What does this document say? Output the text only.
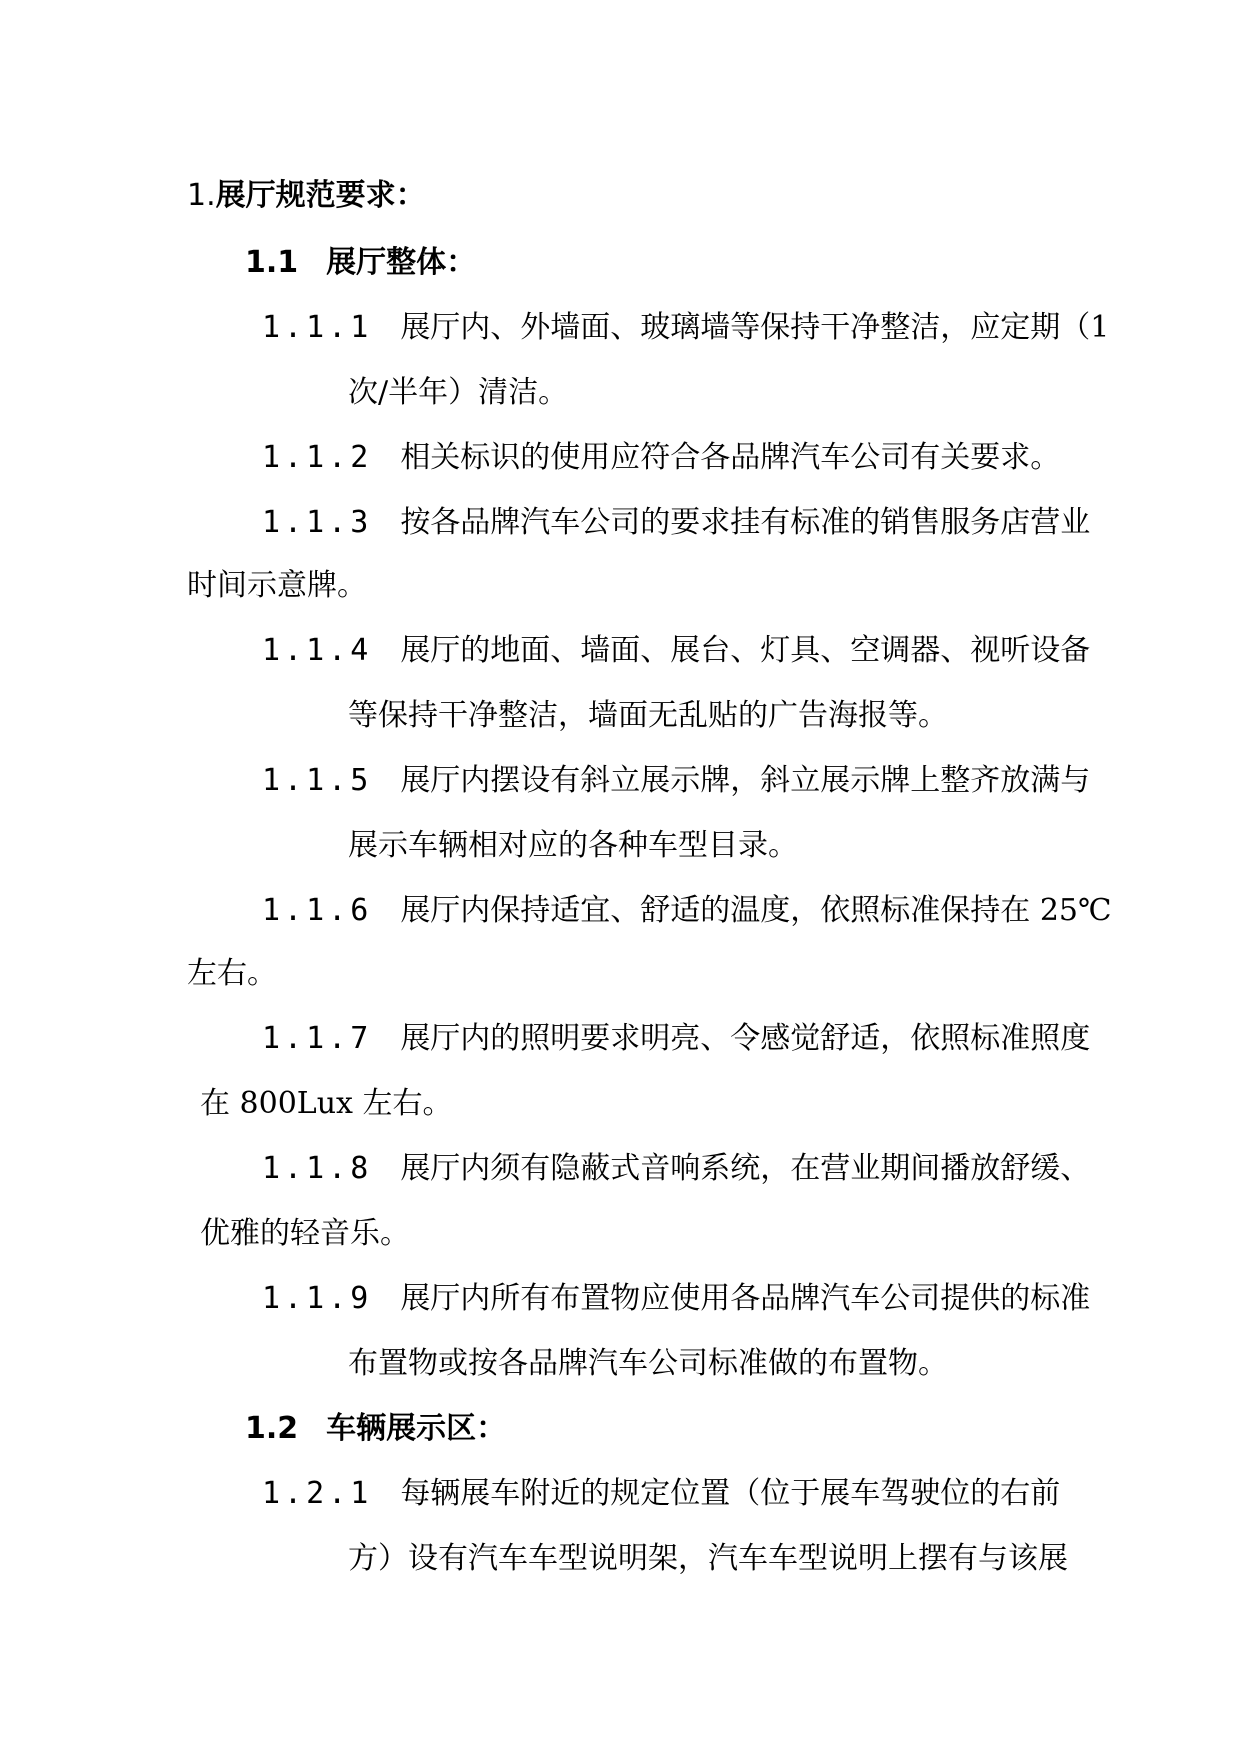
1.展厅规范要求：
1.1 展厅整体：
1.1.1 展厅内、外墙面、玻璃墙等保持干净整洁，应定期（1
次/半年）清洁。
1.1.2 相关标识的使用应符合各品牌汽车公司有关要求。
1.1.3 按各品牌汽车公司的要求挂有标准的销售服务店营业
时间示意牌。
1.1.4 展厅的地面、墙面、展台、灯具、空调器、视听设备
等保持干净整洁，墙面无乱贴的广告海报等。
1.1.5 展厅内摆设有斜立展示牌，斜立展示牌上整齐放满与
展示车辆相对应的各种车型目录。
1.1.6 展厅内保持适宜、舒适的温度，依照标准保持在 25℃
左右。
1.1.7 展厅内的照明要求明亮、令感觉舒适，依照标准照度
在 800Lux 左右。
1.1.8 展厅内须有隐蔽式音响系统，在营业期间播放舒缓、
优雅的轻音乐。
1.1.9 展厅内所有布置物应使用各品牌汽车公司提供的标准
布置物或按各品牌汽车公司标准做的布置物。
1.2 车辆展示区：
1.2.1 每辆展车附近的规定位置（位于展车驾驶位的右前
方）设有汽车车型说明架，汽车车型说明上摆有与该展
